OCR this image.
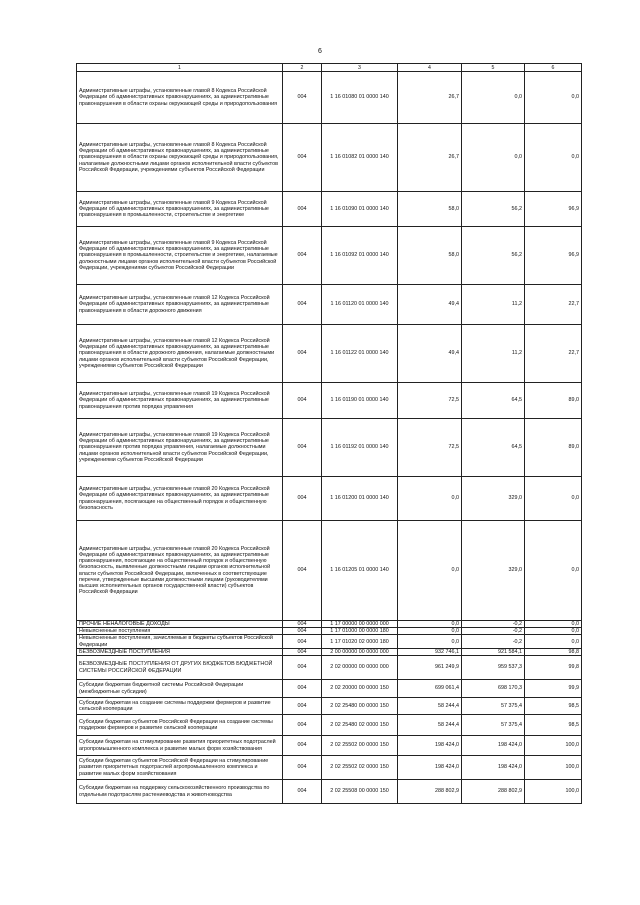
6
1	2	3	4	5	6
Административные штрафы, установленные главой 8 Кодекса Российской Федерации об административных правонарушениях, за административные правонарушения в области охраны окружающей среды и природопользования	004	1 16 01080 01 0000 140	26,7	0,0	0,0
Административные штрафы, установленные главой 8 Кодекса Российской Федерации об административных правонарушениях, за административные правонарушения в области охраны окружающей среды и природопользования, налагаемые должностными лицами органов исполнительной власти субъектов Российской Федерации, учреждениями субъектов Российской Федерации	004	1 16 01082 01 0000 140	26,7	0,0	0,0
Административные штрафы, установленные главой 9 Кодекса Российской Федерации об административных правонарушениях, за административные правонарушения в промышленности, строительстве и энергетике	004	1 16 01090 01 0000 140	58,0	56,2	96,9
Административные штрафы, установленные главой 9 Кодекса Российской Федерации об административных правонарушениях, за административные правонарушения в промышленности, строительстве и энергетике, налагаемые должностными лицами органов исполнительной власти субъектов Российской Федерации, учреждениями субъектов Российской Федерации	004	1 16 01092 01 0000 140	58,0	56,2	96,9
Административные штрафы, установленные главой 12 Кодекса Российской Федерации об административных правонарушениях, за административные правонарушения в области дорожного движения	004	1 16 01120 01 0000 140	49,4	11,2	22,7
Административные штрафы, установленные главой 12 Кодекса Российской Федерации об административных правонарушениях, за административные правонарушения в области дорожного движения, налагаемые должностными лицами органов исполнительной власти субъектов Российской Федерации, учреждениями субъектов Российской Федерации	004	1 16 01122 01 0000 140	49,4	11,2	22,7
Административные штрафы, установленные главой 19 Кодекса Российской Федерации об административных правонарушениях, за административные правонарушения против порядка управления	004	1 16 01190 01 0000 140	72,5	64,5	89,0
Административные штрафы, установленные главой 19 Кодекса Российской Федерации об административных правонарушениях, за административные правонарушения против порядка управления, налагаемые должностными лицами органов исполнительной власти субъектов Российской Федерации, учреждениями субъектов Российской Федерации	004	1 16 01192 01 0000 140	72,5	64,5	89,0
Административные штрафы, установленные главой 20 Кодекса Российской Федерации об административных правонарушениях, за административные правонарушения, посягающие на общественный порядок и общественную безопасность	004	1 16 01200 01 0000 140	0,0	329,0	0,0
Административные штрафы, установленные главой 20 Кодекса Российской Федерации об административных правонарушениях, за административные правонарушения, посягающие на общественный порядок и общественную безопасность, выявленные должностными лицами органов исполнительной власти субъектов Российской Федерации, включенных в соответствующие перечни, утвержденные высшими должностными лицами (руководителями высших исполнительных органов государственной власти) субъектов Российской Федерации	004	1 16 01205 01 0000 140	0,0	329,0	0,0
ПРОЧИЕ НЕНАЛОГОВЫЕ ДОХОДЫ	004	1 17 00000 00 0000 000	0,0	-0,2	0,0
Невыясненные поступления	004	1 17 01000 00 0000 180	0,0	-0,2	0,0
Невыясненные поступления, зачисляемые в бюджеты субъектов Российской Федерации	004	1 17 01020 02 0000 180	0,0	-0,2	0,0
БЕЗВОЗМЕЗДНЫЕ ПОСТУПЛЕНИЯ	004	2 00 00000 00 0000 000	932 746,1	921 584,1	98,8
БЕЗВОЗМЕЗДНЫЕ ПОСТУПЛЕНИЯ ОТ ДРУГИХ БЮДЖЕТОВ БЮДЖЕТНОЙ СИСТЕМЫ РОССИЙСКОЙ ФЕДЕРАЦИИ	004	2 02 00000 00 0000 000	961 249,9	959 537,3	99,8
Субсидии бюджетам бюджетной системы Российской Федерации (межбюджетные субсидии)	004	2 02 20000 00 0000 150	699 061,4	698 170,3	99,9
Субсидии бюджетам на создание системы поддержки фермеров и развитие сельской кооперации	004	2 02 25480 00 0000 150	58 244,4	57 375,4	98,5
Субсидии бюджетам субъектов Российской Федерации на создание системы поддержки фермеров и развитие сельской кооперации	004	2 02 25480 02 0000 150	58 244,4	57 375,4	98,5
Субсидии бюджетам на стимулирование развития приоритетных подотраслей агропромышленного комплекса и развитие малых форм хозяйствования	004	2 02 25502 00 0000 150	198 424,0	198 424,0	100,0
Субсидии бюджетам субъектов Российской Федерации на стимулирование развития приоритетных подотраслей агропромышленного комплекса и развитие малых форм хозяйствования	004	2 02 25502 02 0000 150	198 424,0	198 424,0	100,0
Субсидии бюджетам на поддержку сельскохозяйственного производства по отдельным подотраслям растениеводства и животноводства	004	2 02 25508 00 0000 150	288 802,9	288 802,9	100,0
